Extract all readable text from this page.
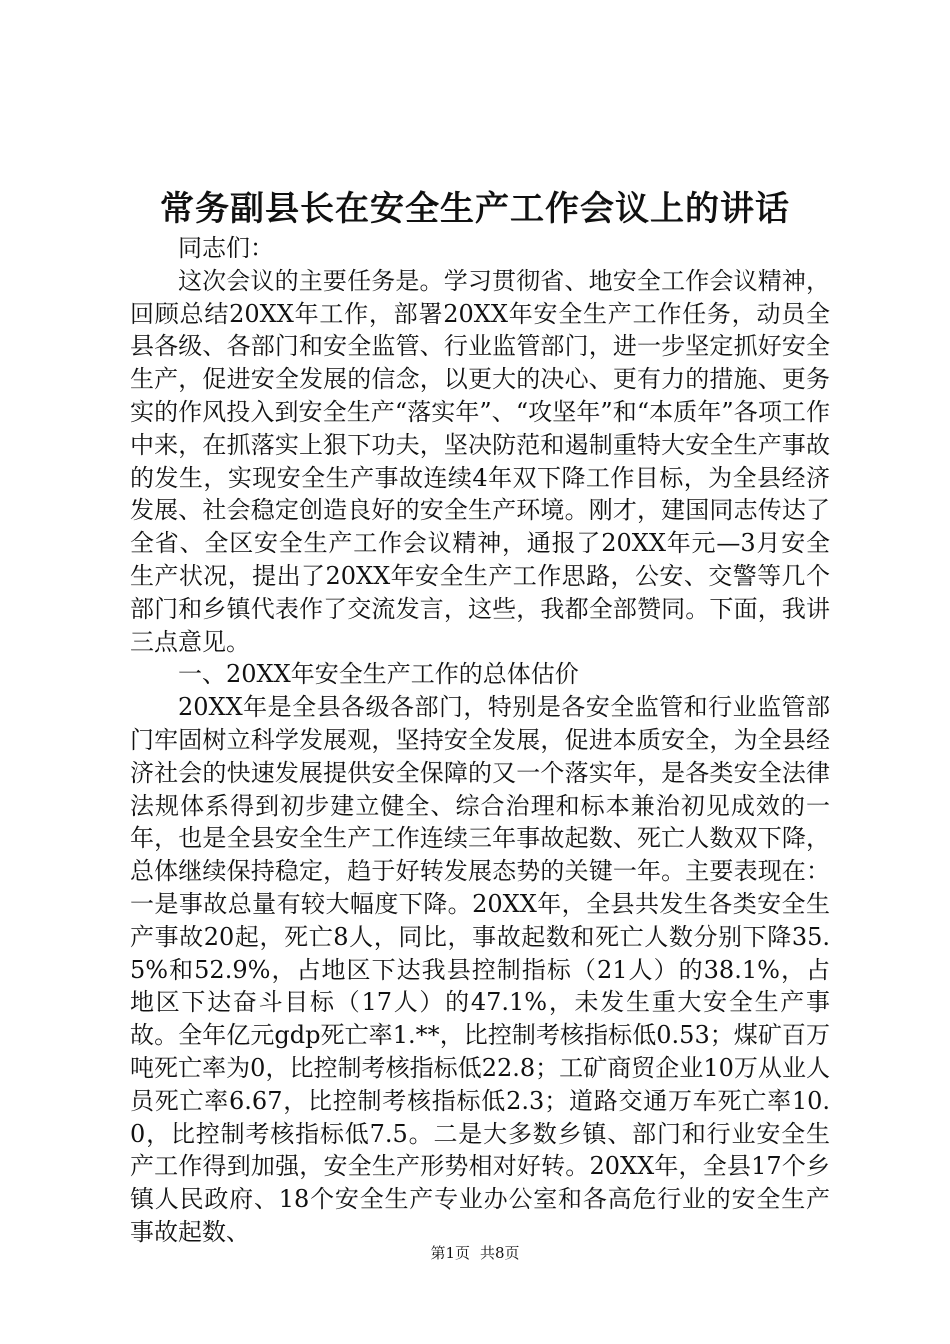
常务副县长在安全生产工作会议上的讲话

同志们：

这次会议的主要任务是。学习贯彻省、地安全工作会议精神，回顾总结20XX年工作，部署20XX年安全生产工作任务，动员全县各级、各部门和安全监管、行业监管部门，进一步坚定抓好安全生产，促进安全发展的信念，以更大的决心、更有力的措施、更务实的作风投入到安全生产“落实年”、“攻坚年”和“本质年”各项工作中来，在抓落实上狠下功夫，坚决防范和遏制重特大安全生产事故的发生，实现安全生产事故连续4年双下降工作目标，为全县经济发展、社会稳定创造良好的安全生产环境。刚才，建国同志传达了全省、全区安全生产工作会议精神，通报了20XX年元—3月安全生产状况，提出了20XX年安全生产工作思路，公安、交警等几个部门和乡镇代表作了交流发言，这些，我都全部赞同。下面，我讲三点意见。

一、20XX年安全生产工作的总体估价

20XX年是全县各级各部门，特别是各安全监管和行业监管部门牢固树立科学发展观，坚持安全发展，促进本质安全，为全县经济社会的快速发展提供安全保障的又一个落实年，是各类安全法律法规体系得到初步建立健全、综合治理和标本兼治初见成效的一年，也是全县安全生产工作连续三年事故起数、死亡人数双下降，总体继续保持稳定，趋于好转发展态势的关键一年。主要表现在：一是事故总量有较大幅度下降。20XX年，全县共发生各类安全生产事故20起，死亡8人，同比，事故起数和死亡人数分别下降35.5%和52.9%，占地区下达我县控制指标（21人）的38.1%，占地区下达奋斗目标（17人）的47.1%，未发生重大安全生产事故。全年亿元gdp死亡率1.**，比控制考核指标低0.53；煤矿百万吨死亡率为0，比控制考核指标低22.8；工矿商贸企业10万从业人员死亡率6.67，比控制考核指标低2.3；道路交通万车死亡率10.0，比控制考核指标低7.5。二是大多数乡镇、部门和行业安全生产工作得到加强，安全生产形势相对好转。20XX年，全县17个乡镇人民政府、18个安全生产专业办公室和各高危行业的安全生产事故起数、

第1页 共8页
